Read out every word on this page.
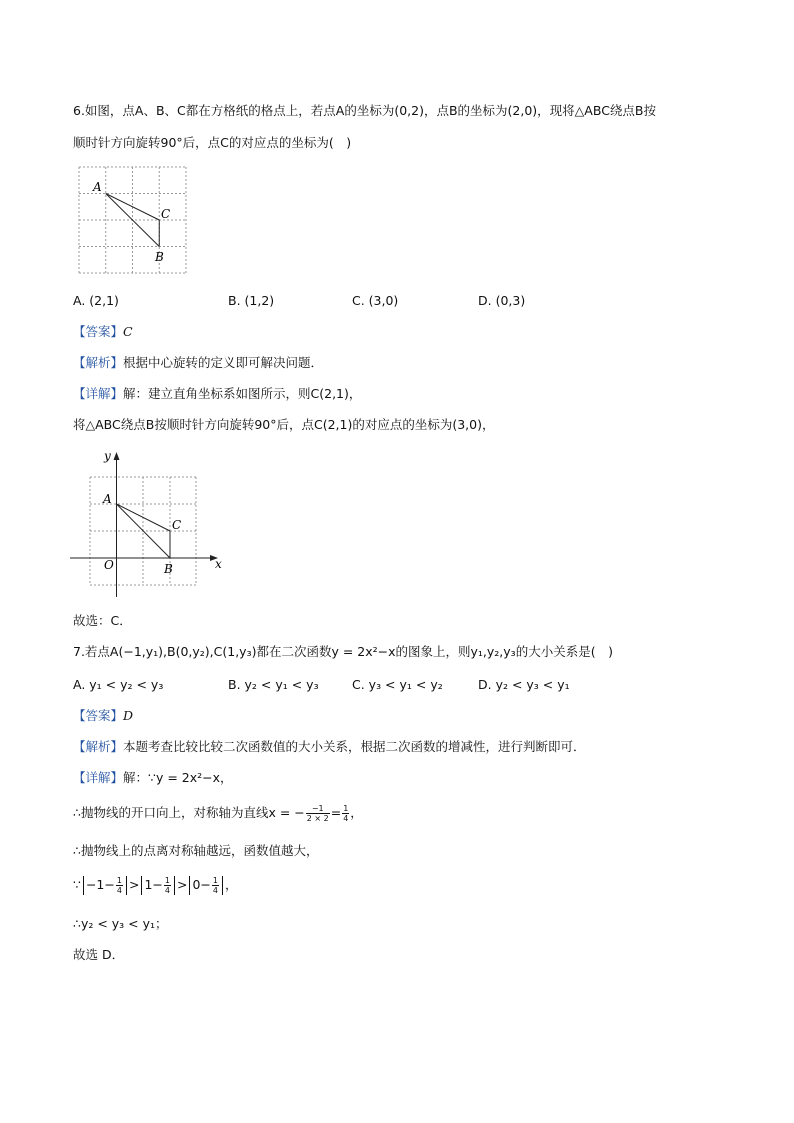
6.如图，点A、B、C都在方格纸的格点上，若点A的坐标为(0,2)，点B的坐标为(2,0)，现将△ABC绕点B按
顺时针方向旋转90°后，点C的对应点的坐标为(　)
A
C
B
A. (2,1)	B. (1,2)	C. (3,0)	D. (0,3)
【答案】C
【解析】根据中心旋转的定义即可解决问题．
【详解】解：建立直角坐标系如图所示，则C(2,1)，
将△ABC绕点B按顺时针方向旋转90°后，点C(2,1)的对应点的坐标为(3,0)，
y
x
O
A
C
B
故选：C．
7.若点A(−1,y₁),B(0,y₂),C(1,y₃)都在二次函数y = 2x²−x的图象上，则y₁,y₂,y₃的大小关系是(　)
A. y₁ < y₂ < y₃	B. y₂ < y₁ < y₃	C. y₃ < y₁ < y₂	D. y₂ < y₃ < y₁
【答案】D
【解析】本题考查比较比较二次函数值的大小关系，根据二次函数的增减性，进行判断即可．
【详解】解：∵y = 2x²−x，
∴抛物线的开口向上，对称轴为直线x = − $\frac{-1}{2 \times 2} = \frac{1}{4}$ ，
∴抛物线上的点离对称轴越远，函数值越大，
∵ $-1- \frac{1}{4} > 1- \frac{1}{4} > 0- \frac{1}{4}$ ，
∴y₂ < y₃ < y₁；
故选 D．
